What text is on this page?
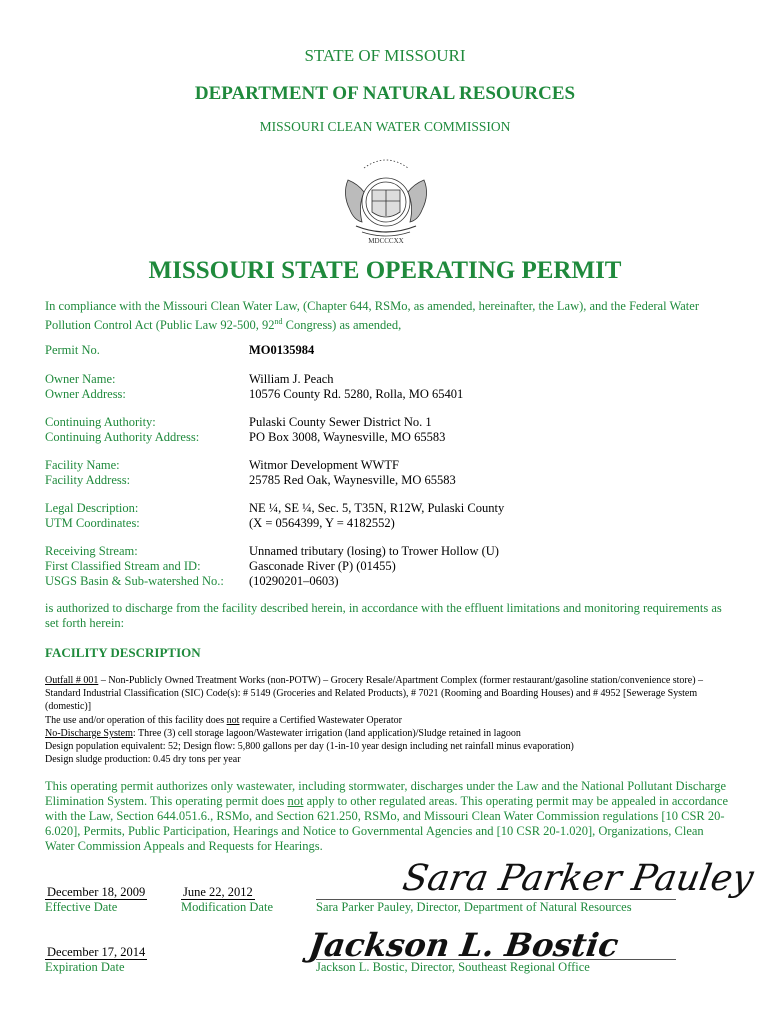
STATE OF MISSOURI
DEPARTMENT OF NATURAL RESOURCES
MISSOURI CLEAN WATER COMMISSION
MDCCCXX
MISSOURI STATE OPERATING PERMIT
In compliance with the Missouri Clean Water Law, (Chapter 644, RSMo, as amended, hereinafter, the Law), and the Federal Water Pollution Control Act (Public Law 92-500, 92nd Congress) as amended,
Permit No.	MO0135984
Owner Name:	William J. Peach
Owner Address:	10576 County Rd. 5280, Rolla, MO 65401
Continuing Authority:	Pulaski County Sewer District No. 1
Continuing Authority Address:	PO Box 3008, Waynesville, MO 65583
Facility Name:	Witmor Development WWTF
Facility Address:	25785 Red Oak, Waynesville, MO 65583
Legal Description:	NE ¼, SE ¼, Sec. 5, T35N, R12W, Pulaski County
UTM Coordinates:	(X = 0564399, Y = 4182552)
Receiving Stream:	Unnamed tributary (losing) to Trower Hollow (U)
First Classified Stream and ID:	Gasconade River (P) (01455)
USGS Basin & Sub-watershed No.:	(10290201–0603)
is authorized to discharge from the facility described herein, in accordance with the effluent limitations and monitoring requirements as set forth herein:
FACILITY DESCRIPTION
Outfall # 001 – Non-Publicly Owned Treatment Works (non-POTW) – Grocery Resale/Apartment Complex (former restaurant/gasoline station/convenience store) – Standard Industrial Classification (SIC) Code(s): # 5149 (Groceries and Related Products), # 7021 (Rooming and Boarding Houses) and # 4952 [Sewerage System (domestic)]
The use and/or operation of this facility does not require a Certified Wastewater Operator
No-Discharge System: Three (3) cell storage lagoon/Wastewater irrigation (land application)/Sludge retained in lagoon
Design population equivalent: 52; Design flow: 5,800 gallons per day (1-in-10 year design including net rainfall minus evaporation)
Design sludge production: 0.45 dry tons per year
This operating permit authorizes only wastewater, including stormwater, discharges under the Law and the National Pollutant Discharge Elimination System. This operating permit does not apply to other regulated areas. This operating permit may be appealed in accordance with the Law, Section 644.051.6., RSMo, and Section 621.250, RSMo, and Missouri Clean Water Commission regulations [10 CSR 20-6.020], Permits, Public Participation, Hearings and Notice to Governmental Agencies and [10 CSR 20-1.020], Organizations, Clean Water Commission Appeals and Requests for Hearings.
December 18, 2009
Effective Date
June 22, 2012
Modification Date	Sara Parker Pauley, Director, Department of Natural Resources
Sara Parker Pauley
December 17, 2014
Expiration Date	Jackson L. Bostic, Director, Southeast Regional Office
Jackson L. Bostic
